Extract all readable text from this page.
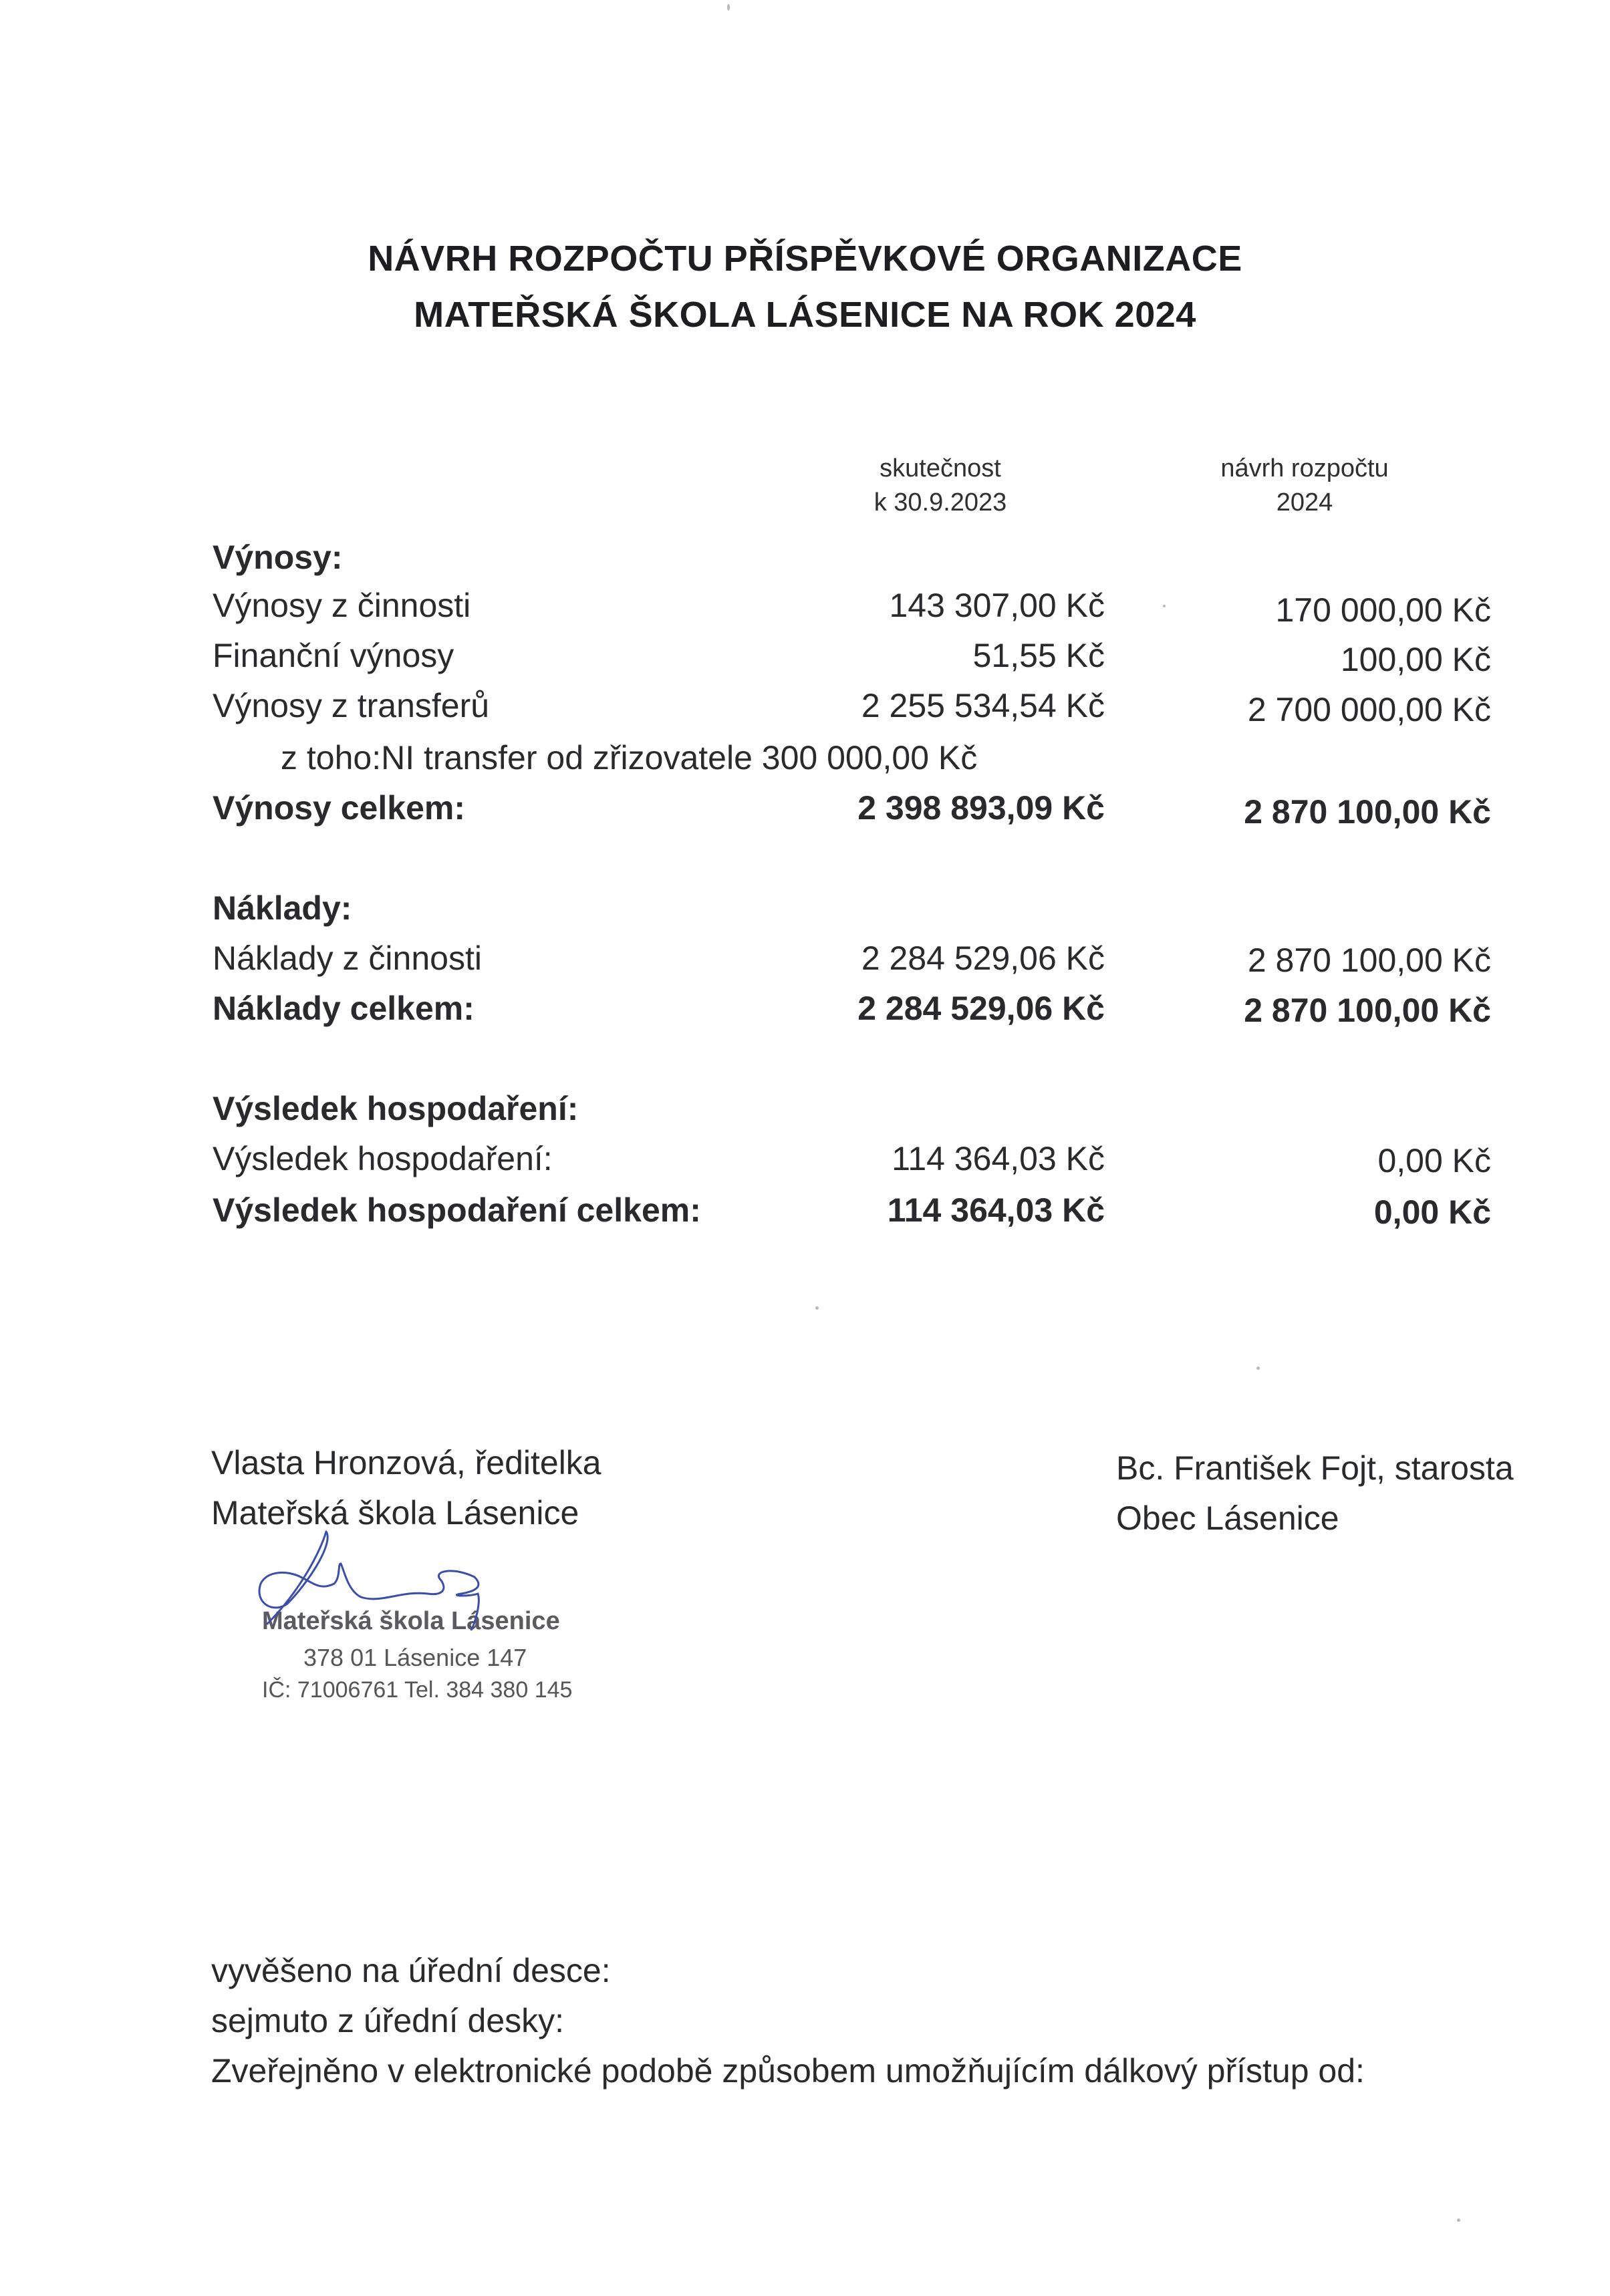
NÁVRH ROZPOČTU PŘÍSPĚVKOVÉ ORGANIZACE
MATEŘSKÁ ŠKOLA LÁSENICE NA ROK 2024
skutečnost
k 30.9.2023
návrh rozpočtu
2024
Výnosy:
Výnosy z činnosti	143 307,00 Kč	170 000,00 Kč
Finanční výnosy	51,55 Kč	100,00 Kč
Výnosy z transferů	2 255 534,54 Kč	2 700 000,00 Kč
z toho:NI transfer od zřizovatele 300 000,00 Kč
Výnosy celkem:	2 398 893,09 Kč	2 870 100,00 Kč
Náklady:
Náklady z činnosti	2 284 529,06 Kč	2 870 100,00 Kč
Náklady celkem:	2 284 529,06 Kč	2 870 100,00 Kč
Výsledek hospodaření:
Výsledek hospodaření:	114 364,03 Kč	0,00 Kč
Výsledek hospodaření celkem:	114 364,03 Kč	0,00 Kč
Vlasta Hronzová, ředitelka
Mateřská škola Lásenice
Bc. František Fojt, starosta
Obec Lásenice
Mateřská škola Lásenice
378 01 Lásenice 147
IČ: 71006761 Tel. 384 380 145
vyvěšeno na úřední desce:
sejmuto z úřední desky:
Zveřejněno v elektronické podobě způsobem umožňujícím dálkový přístup od:
